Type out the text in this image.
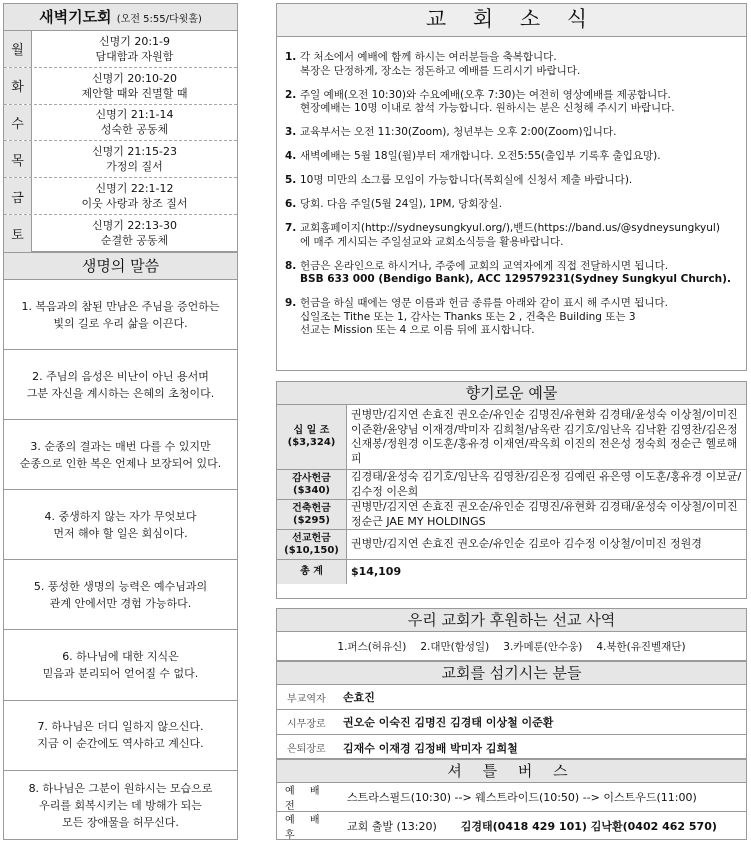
새벽기도회 (오전 5:55/다윗홀)
월
신명기 20:1-9
담대함과 자원함
화
신명기 20:10-20
제안할 때와 진멸할 때
수
신명기 21:1-14
성숙한 공동체
목
신명기 21:15-23
가정의 질서
금
신명기 22:1-12
이웃 사랑과 창조 질서
토
신명기 22:13-30
순결한 공동체
생명의 말씀
1. 복음과의 참된 만남은 주님을 증언하는
빛의 길로 우리 삶을 이끈다.
2. 주님의 음성은 비난이 아닌 용서며
그분 자신을 계시하는 은혜의 초청이다.
3. 순종의 결과는 매번 다를 수 있지만
순종으로 인한 복은 언제나 보장되어 있다.
4. 중생하지 않는 자가 무엇보다
먼저 해야 할 일은 회심이다.
5. 풍성한 생명의 능력은 예수님과의
관계 안에서만 경험 가능하다.
6. 하나님에 대한 지식은
믿음과 분리되어 얻어질 수 없다.
7. 하나님은 더디 일하지 않으신다.
지금 이 순간에도 역사하고 계신다.
8. 하나님은 그분이 원하시는 모습으로
우리를 회복시키는 데 방해가 되는
모든 장애물을 허무신다.
교 회 소 식
1. 각 처소에서 예배에 함께 하시는 여러분들을 축복합니다.
복장은 단정하게, 장소는 정돈하고 예배를 드리시기 바랍니다.
2. 주일 예배(오전 10:30)와 수요예배(오후 7:30)는 여전히 영상예배를 제공합니다.
현장예배는 10명 이내로 참석 가능합니다. 원하시는 분은 신청해 주시기 바랍니다.
3. 교육부서는 오전 11:30(Zoom), 청년부는 오후 2:00(Zoom)입니다.
4. 새벽예배는 5월 18일(월)부터 재개합니다. 오전5:55(출입부 기록후 출입요망).
5. 10명 미만의 소그룹 모임이 가능합니다(목회실에 신청서 제출 바랍니다).
6. 당회. 다음 주일(5월 24일), 1PM, 당회장실.
7. 교회홈페이지(http://sydneysungkyul.org/),밴드(https://band.us/@sydneysungkyul)
에 매주 게시되는 주일설교와 교회소식등을 활용바랍니다.
8. 헌금은 온라인으로 하시거나, 주중에 교회의 교역자에게 직접 전달하시면 됩니다.
BSB 633 000 (Bendigo Bank), ACC 129579231(Sydney Sungkyul Church).
9. 헌금을 하실 때에는 영문 이름과 헌금 종류를 아래와 같이 표시 해 주시면 됩니다.
십일조는 Tithe 또는 1, 감사는 Thanks 또는 2 , 건축은 Building 또는 3
선교는 Mission 또는 4 으로 이름 뒤에 표시합니다.
향기로운 예물
십 일 조
($3,324)
권병만/김지연 손효진 권오순/유인순 김명진/유현화 김경태/윤성숙 이상철/이미진 이준환/윤양님 이재경/박미자 김희철/남옥란 김기호/임난옥 김낙환 김영찬/김은정 신재봉/정원경 이도훈/홍유경 이재연/곽옥희 이진의 전은성 정숙희 정순근 헬로해피
감사헌금
($340)
김경태/윤성숙 김기호/임난옥 김영찬/김은정 김예린 유은영 이도훈/홍유경 이보균/김수정 이은희
건축헌금
($295)
권병만/김지연 손효진 권오순/유인순 김명진/유현화 김경태/윤성숙 이상철/이미진 정순근 JAE MY HOLDINGS
선교헌금
($10,150)	권병만/김지연 손효진 권오순/유인순 김로아 김수정 이상철/이미진 정원경
총 계	$14,109
우리 교회가 후원하는 선교 사역
1.퍼스(허유신) 2.대만(함성일) 3.카메룬(안수웅) 4.북한(유진벨재단)
교회를 섬기시는 분들
부교역자	손효진
시무장로	권오순 이숙진 김명진 김경태 이상철 이준환
은퇴장로	김재수 이재경 김정배 박미자 김희철
셔 틀 버 스
예 배 전
스트라스필드(10:30) --> 웨스트라이드(10:50) --> 이스트우드(11:00)
예 배 후
교회 출발 (13:20) 김경태(0418 429 101) 김낙환(0402 462 570)
